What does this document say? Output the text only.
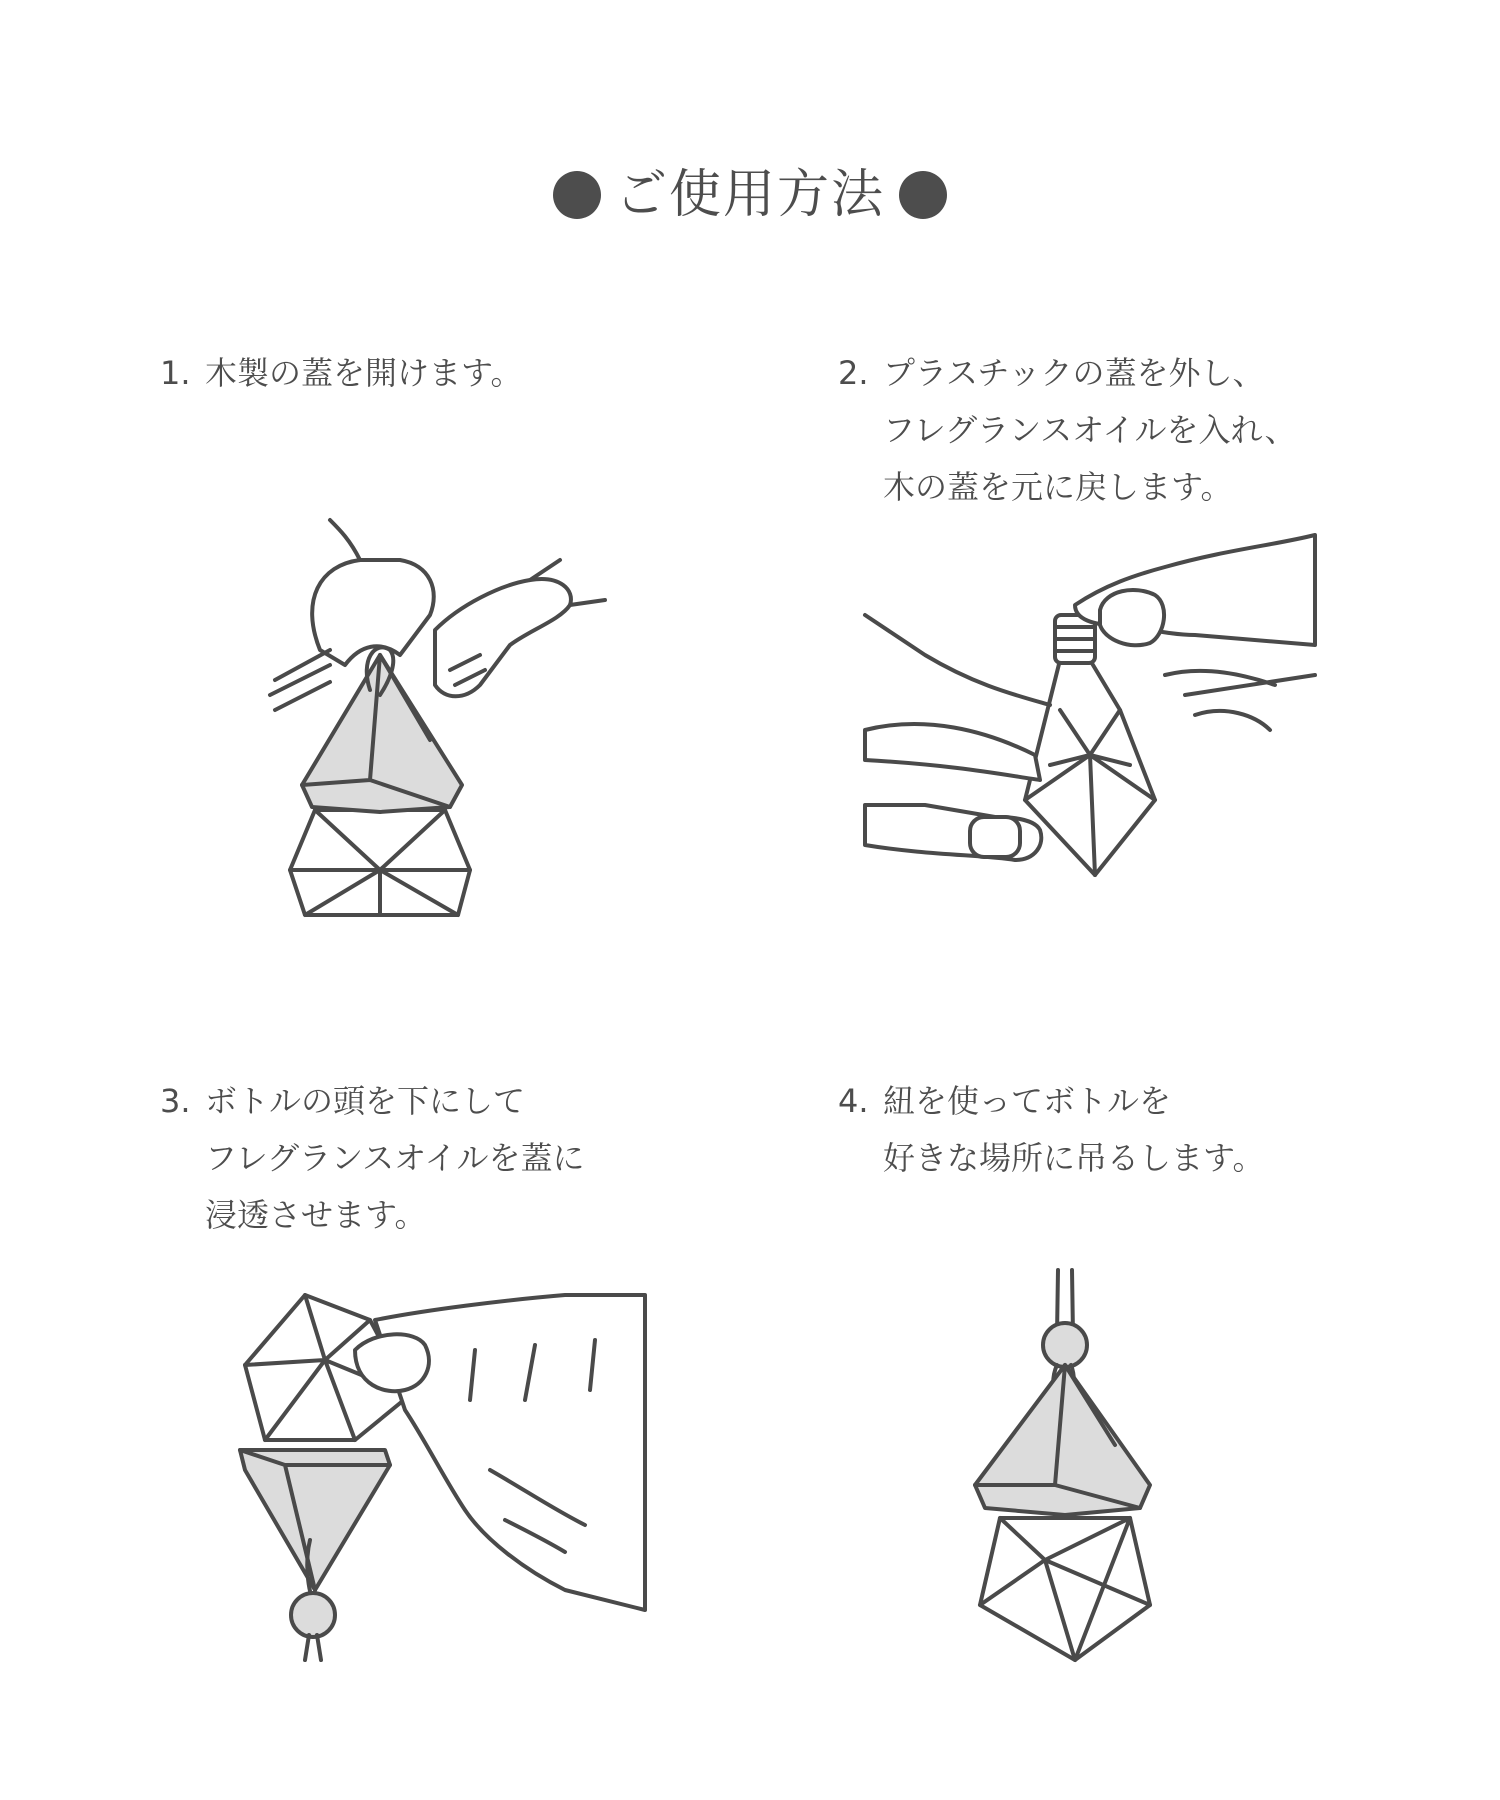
ご使用方法
1. 木製の蓋を開けます。	2. プラスチックの蓋を外し、
フレグランスオイルを入れ、
木の蓋を元に戻します。
3. ボトルの頭を下にして
フレグランスオイルを蓋に
浸透させます。
4. 紐を使ってボトルを
好きな場所に吊るします。
